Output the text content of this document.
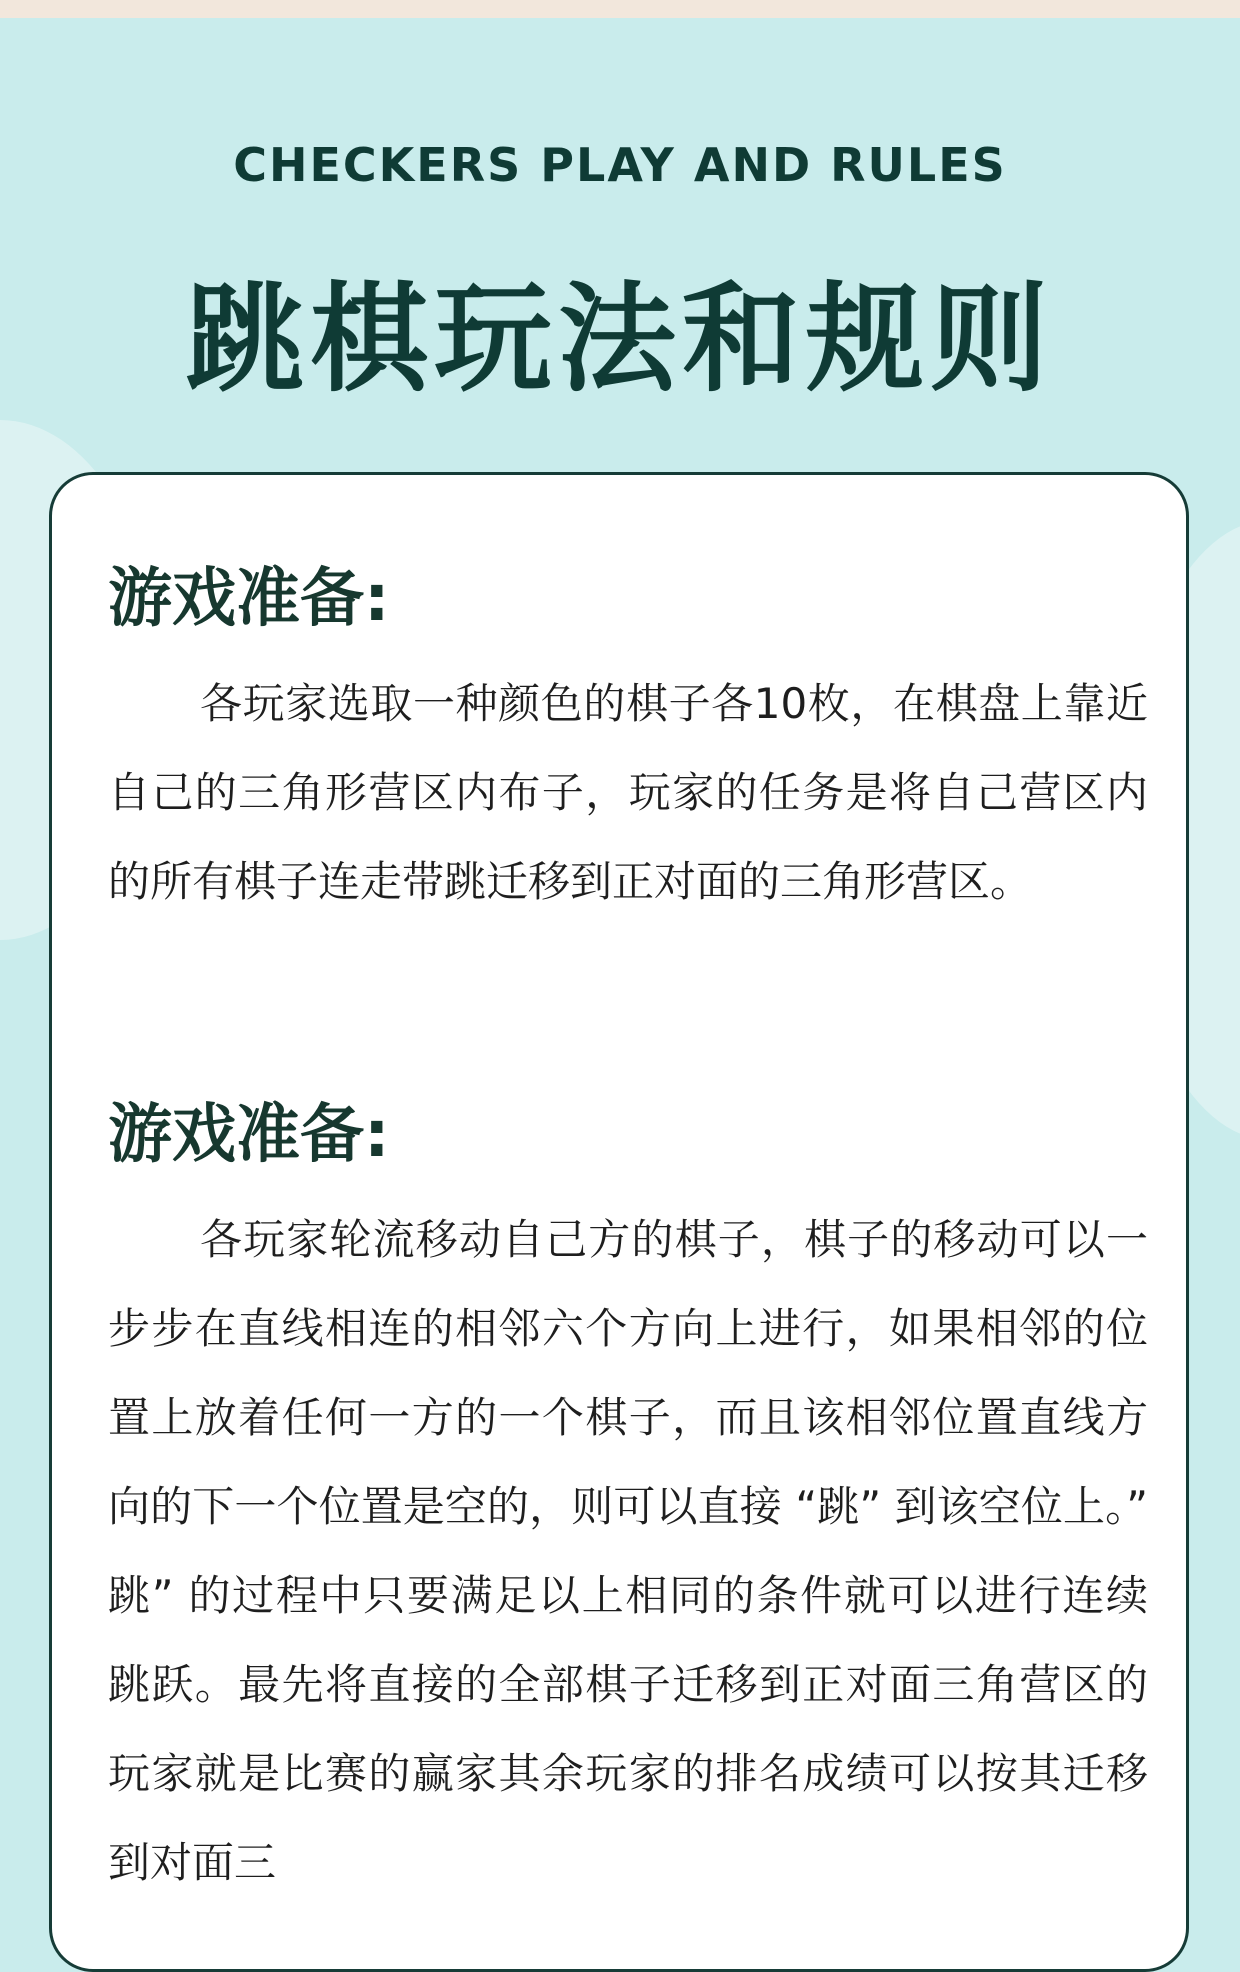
CHECKERS PLAY AND RULES
跳棋玩法和规则
游戏准备:

各玩家选取一种颜色的棋子各10枚，在棋盘上靠近自己的三角形营区内布子，玩家的任务是将自己营区内的所有棋子连走带跳迁移到正对面的三角形营区。

游戏准备:

各玩家轮流移动自己方的棋子，棋子的移动可以一步步在直线相连的相邻六个方向上进行，如果相邻的位置上放着任何一方的一个棋子，而且该相邻位置直线方向的下一个位置是空的，则可以直接 “跳” 到该空位上。” 跳” 的过程中只要满足以上相同的条件就可以进行连续跳跃。最先将直接的全部棋子迁移到正对面三角营区的玩家就是比赛的赢家其余玩家的排名成绩可以按其迁移到对面三
